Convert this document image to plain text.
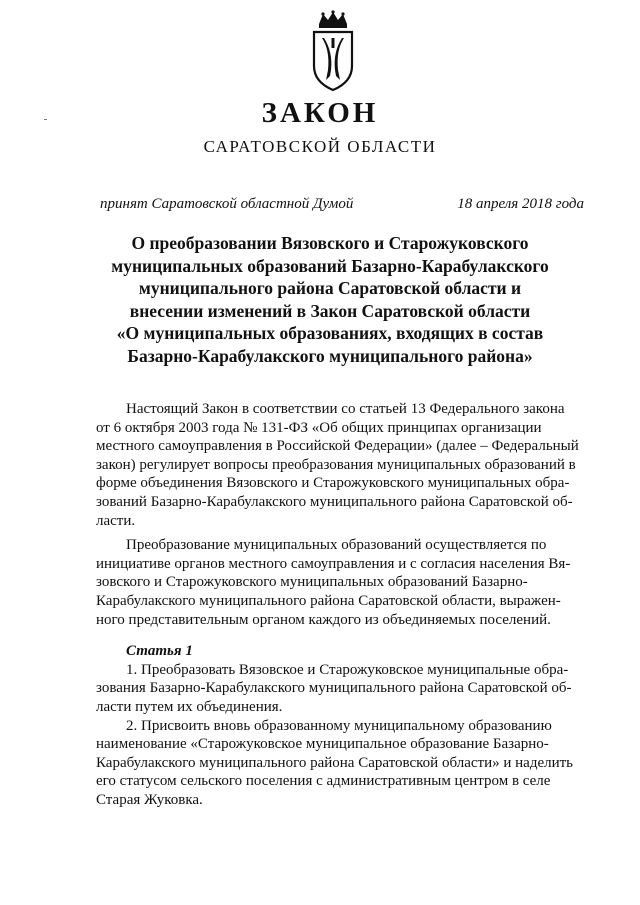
ЗАКОН
САРАТОВСКОЙ ОБЛАСТИ
принят Саратовской областной Думой	18 апреля 2018 года
О преобразовании Вязовского и Старожуковского
муниципальных образований Базарно-Карабулакского
муниципального района Саратовской области и
внесении изменений в Закон Саратовской области
«О муниципальных образованиях, входящих в состав
Базарно-Карабулакского муниципального района»

Настоящий Закон в соответствии со статьей 13 Федерального закона

от 6 октября 2003 года № 131-ФЗ «Об общих принципах организации

местного самоуправления в Российской Федерации» (далее – Федеральный

закон) регулирует вопросы преобразования муниципальных образований в

форме объединения Вязовского и Старожуковского муниципальных обра-

зований Базарно-Карабулакского муниципального района Саратовской об-

ласти.

Преобразование муниципальных образований осуществляется по

инициативе органов местного самоуправления и с согласия населения Вя-

зовского и Старожуковского муниципальных образований Базарно-

Карабулакского муниципального района Саратовской области, выражен-

ного представительным органом каждого из объединяемых поселений.

Статья 1

1. Преобразовать Вязовское и Старожуковское муниципальные обра-

зования Базарно-Карабулакского муниципального района Саратовской об-

ласти путем их объединения.

2. Присвоить вновь образованному муниципальному образованию

наименование «Старожуковское муниципальное образование Базарно-

Карабулакского муниципального района Саратовской области» и наделить

его статусом сельского поселения с административным центром в селе

Старая Жуковка.
